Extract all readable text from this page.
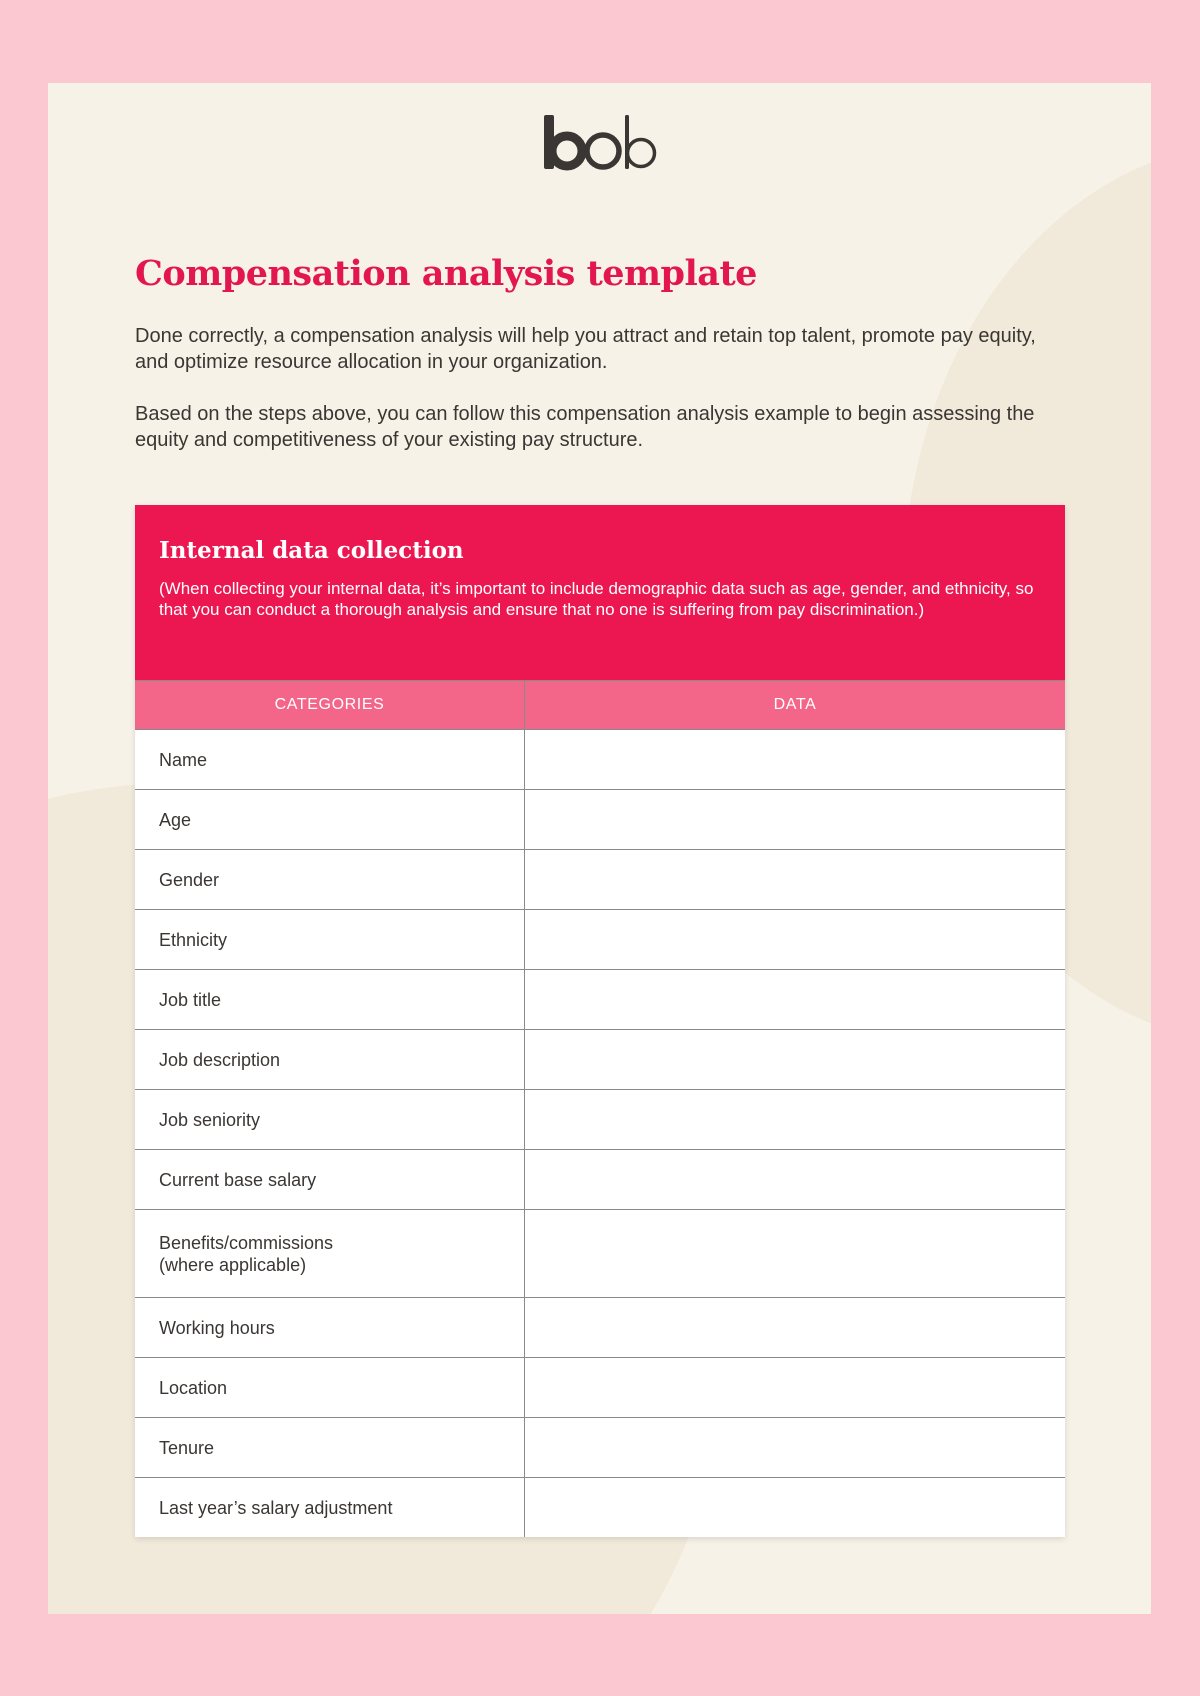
Compensation analysis template

Done correctly, a compensation analysis will help you attract and retain top talent, promote pay equity, and optimize resource allocation in your organization.

Based on the steps above, you can follow this compensation analysis example to begin assessing the equity and competitiveness of your existing pay structure.

Internal data collection

(When collecting your internal data, it’s important to include demographic data such as age, gender, and ethnicity, so that you can conduct a thorough analysis and ensure that no one is suffering from pay discrimination.)

CATEGORIES	DATA
Name
Age
Gender
Ethnicity
Job title
Job description
Job seniority
Current base salary
Benefits/commissions
(where applicable)
Working hours
Location
Tenure
Last year’s salary adjustment
